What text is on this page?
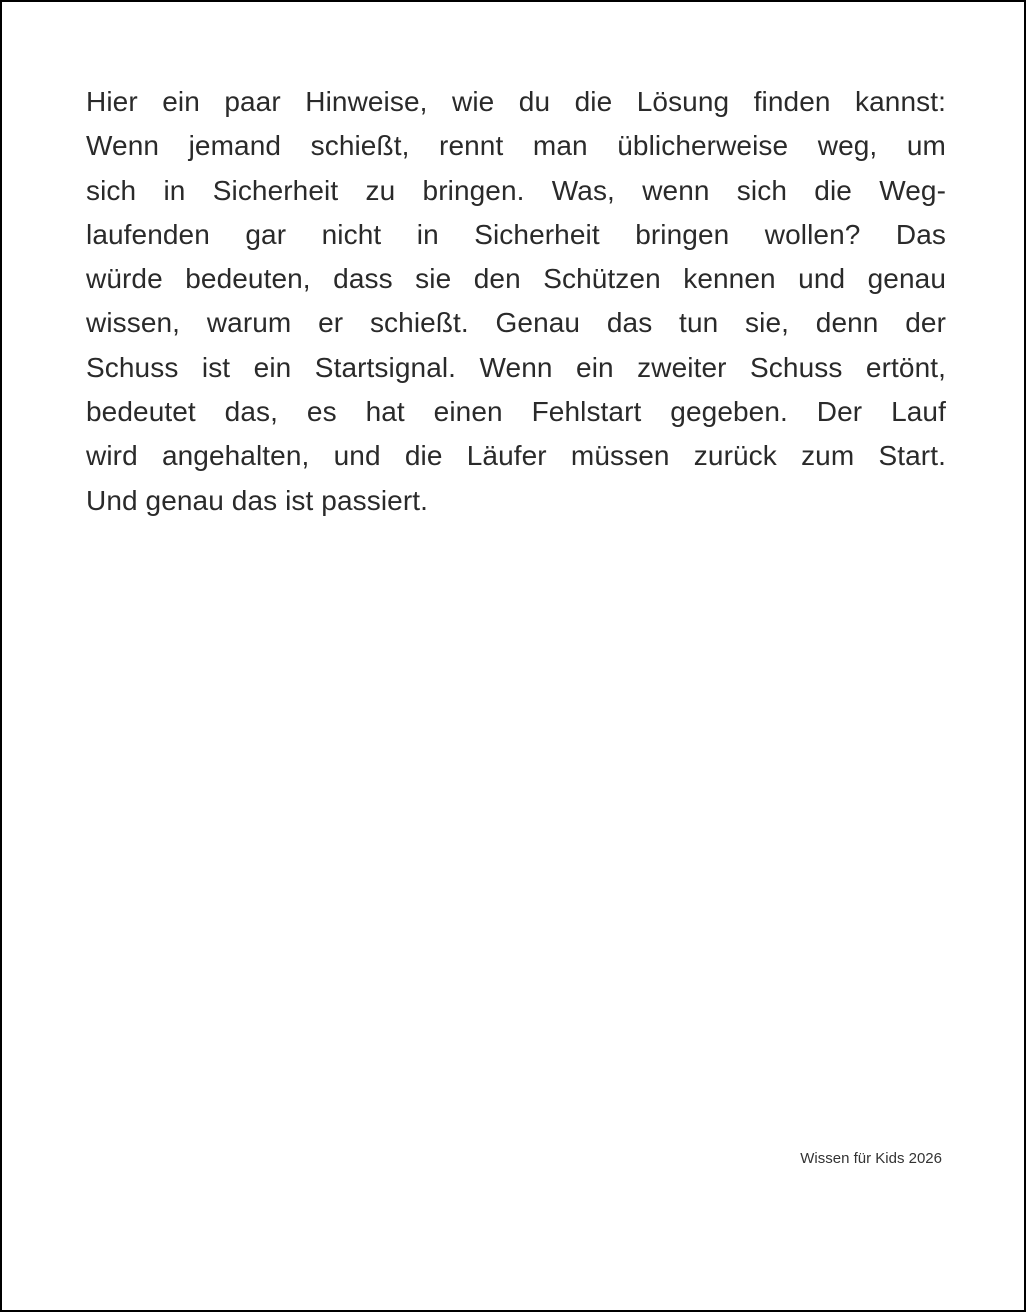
Hier ein paar Hinweise, wie du die Lösung finden kannst:
Wenn jemand schießt, rennt man üblicherweise weg, um
sich in Sicherheit zu bringen. Was, wenn sich die Weg-
laufenden gar nicht in Sicherheit bringen wollen? Das
würde bedeuten, dass sie den Schützen kennen und genau
wissen, warum er schießt. Genau das tun sie, denn der
Schuss ist ein Startsignal. Wenn ein zweiter Schuss ertönt,
bedeutet das, es hat einen Fehlstart gegeben. Der Lauf
wird angehalten, und die Läufer müssen zurück zum Start.
Und genau das ist passiert.

Wissen für Kids 2026
